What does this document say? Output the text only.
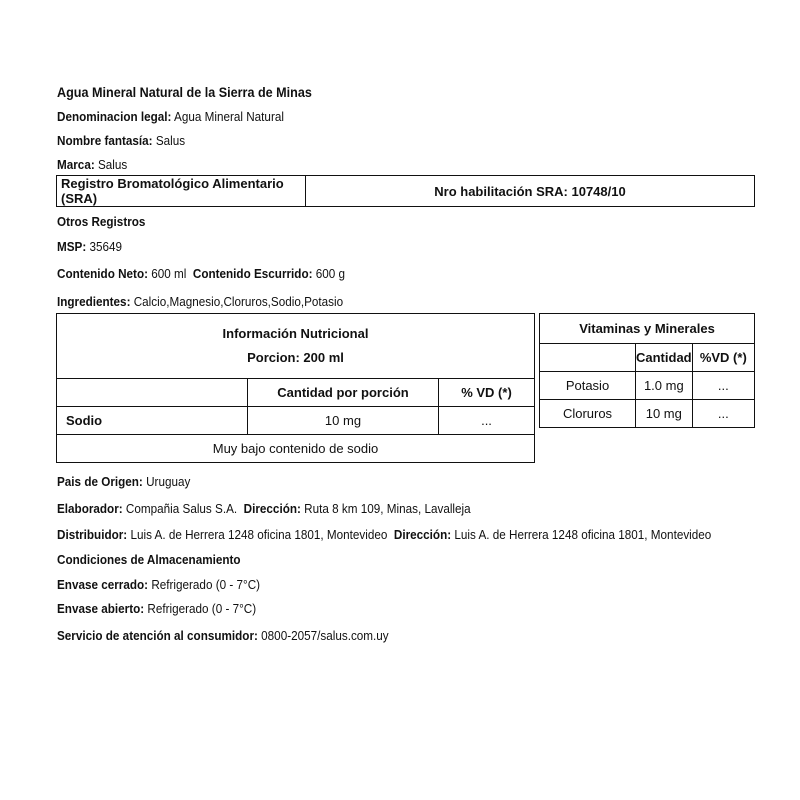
Agua Mineral Natural de la Sierra de Minas
Denominacion legal: Agua Mineral Natural
Nombre fantasía: Salus
Marca: Salus
Registro Bromatológico Alimentario (SRA)	Nro habilitación SRA: 10748/10
Otros Registros
MSP: 35649
Contenido Neto: 600 ml Contenido Escurrido: 600 g
Ingredientes: Calcio,Magnesio,Cloruros,Sodio,Potasio
Información Nutricional
Porcion: 200 ml		
	Cantidad por porción	% VD (*)
Sodio	10 mg	...
Muy bajo contenido de sodio		
Vitaminas y Minerales		
	Cantidad	%VD (*)
Potasio	1.0 mg	...
Cloruros	10 mg	...
Pais de Origen: Uruguay
Elaborador: Compañia Salus S.A. Dirección: Ruta 8 km 109, Minas, Lavalleja
Distribuidor: Luis A. de Herrera 1248 oficina 1801, Montevideo Dirección: Luis A. de Herrera 1248 oficina 1801, Montevideo
Condiciones de Almacenamiento
Envase cerrado: Refrigerado (0 - 7°C)
Envase abierto: Refrigerado (0 - 7°C)
Servicio de atención al consumidor: 0800-2057/salus.com.uy
